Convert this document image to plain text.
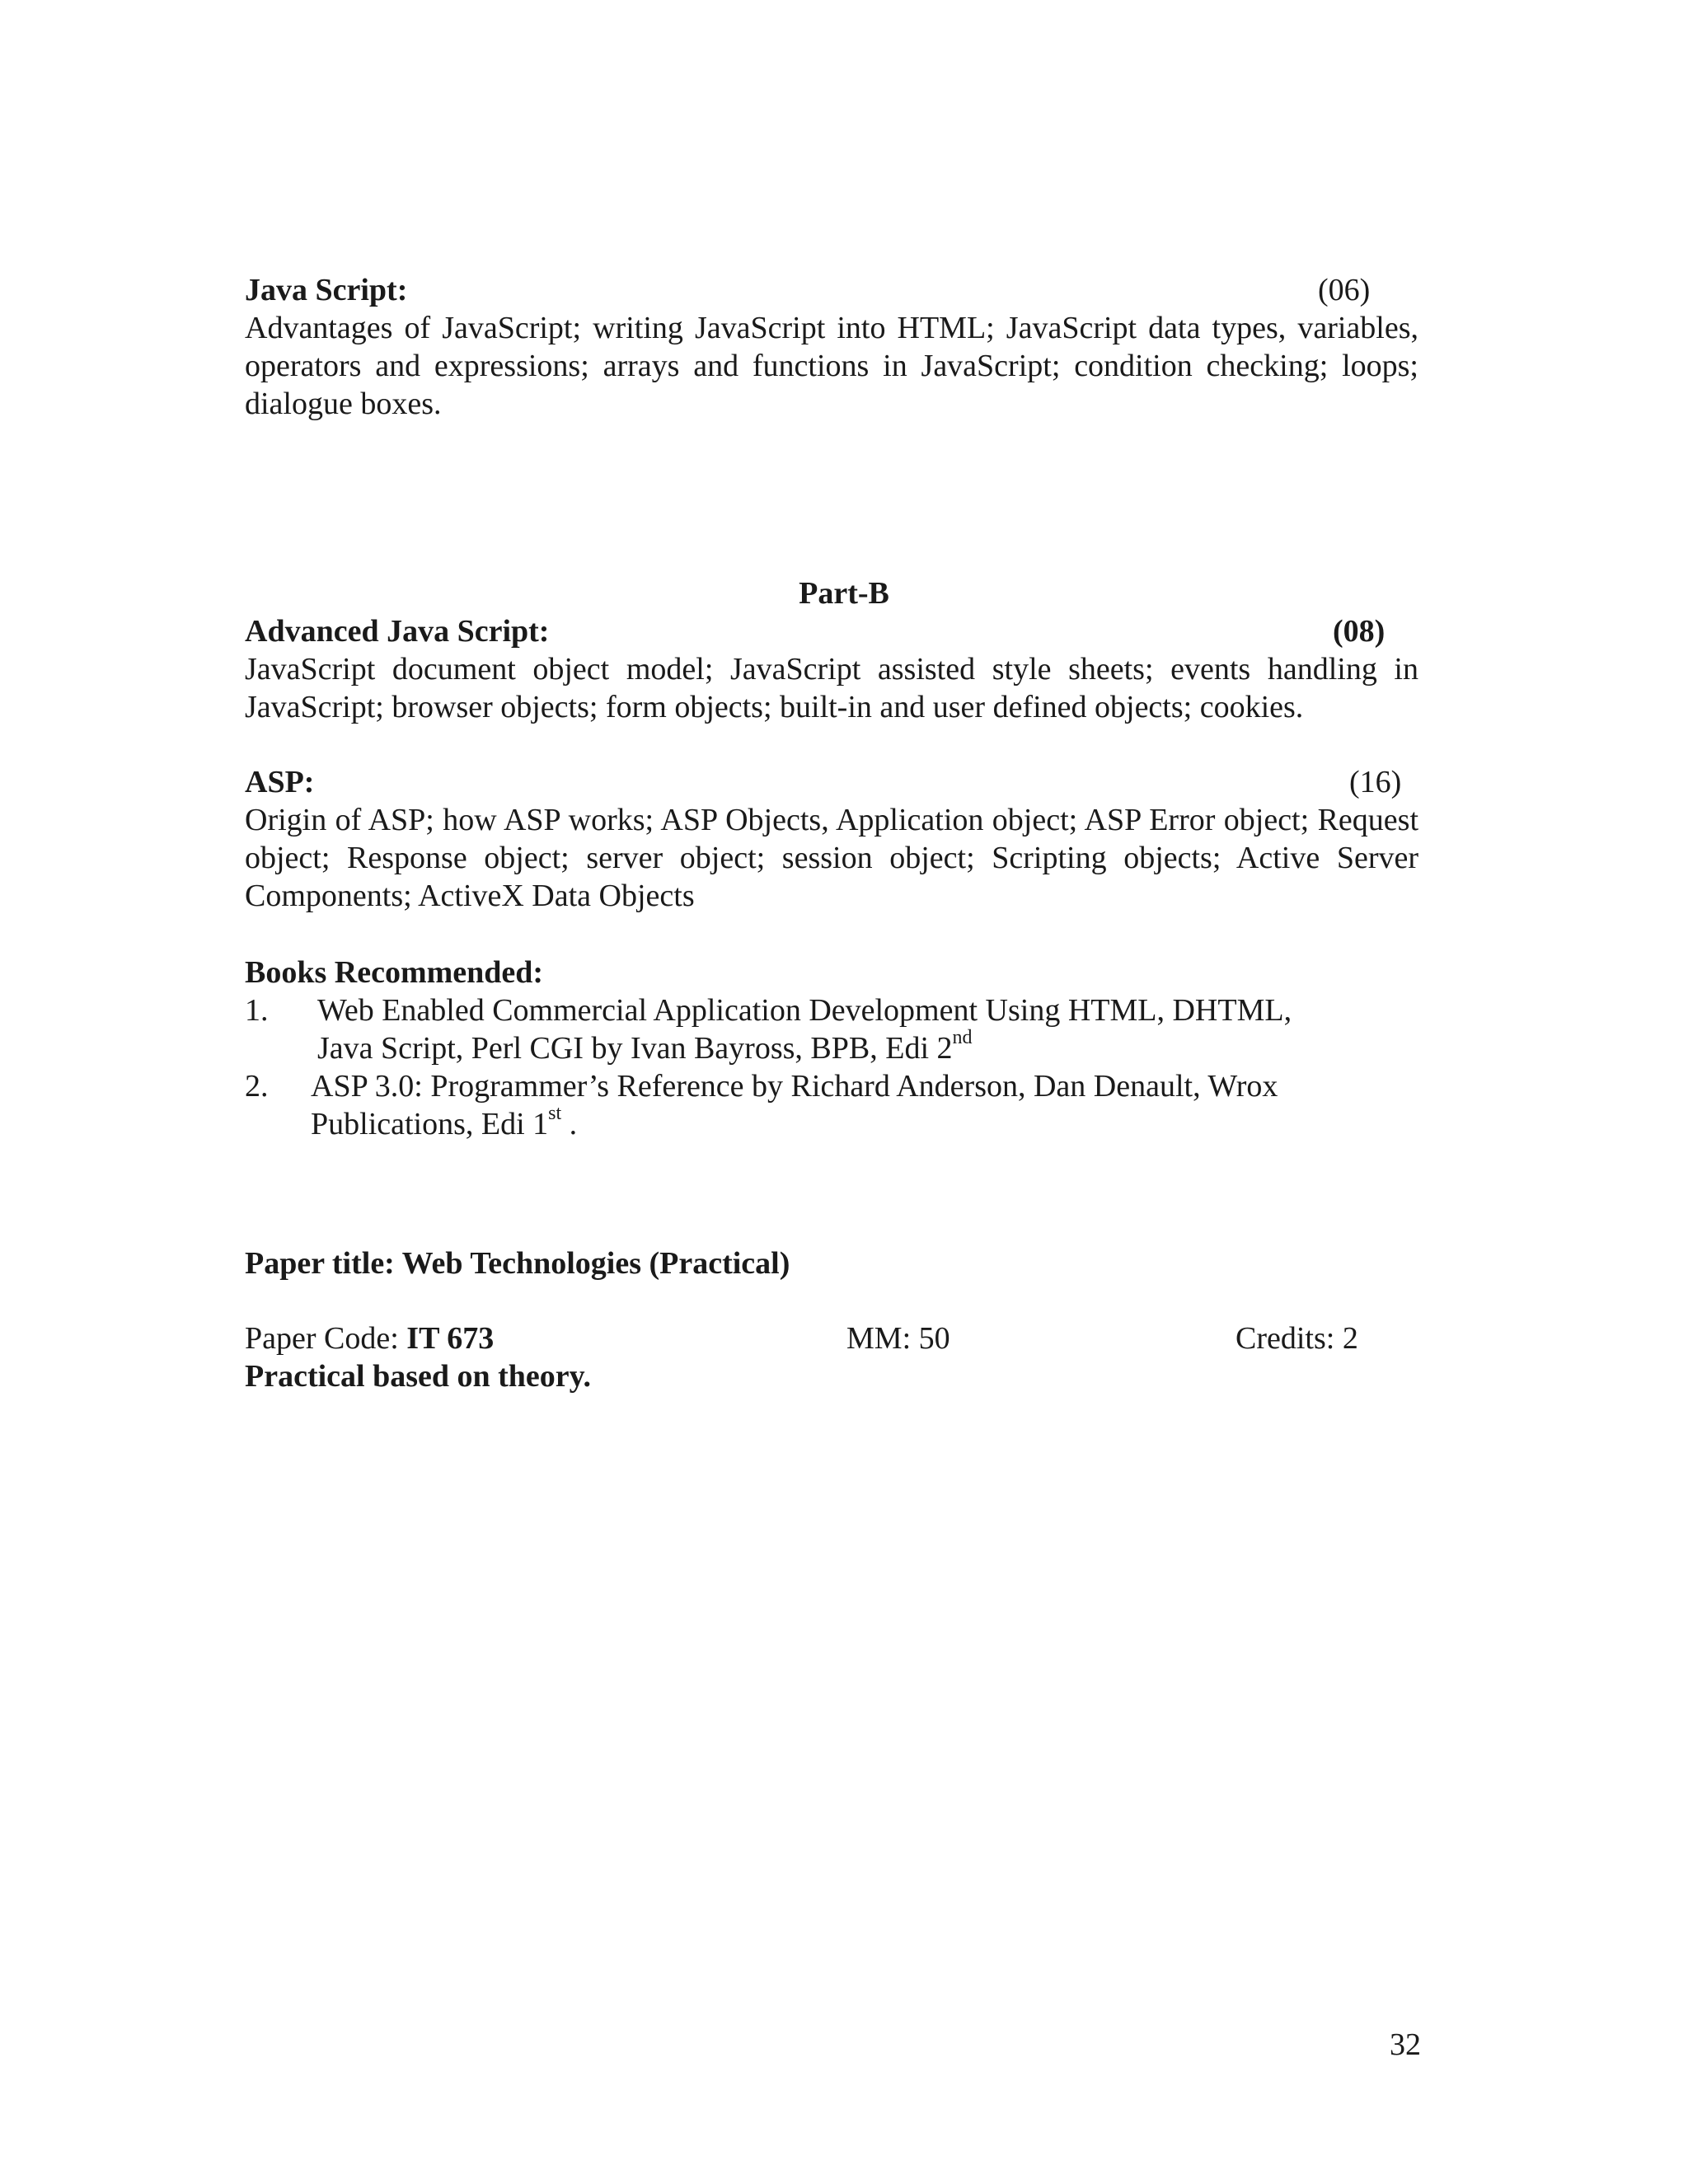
Java Script:	(06)
Advantages of JavaScript; writing JavaScript into HTML; JavaScript data types, variables, operators and expressions; arrays and functions in JavaScript; condition checking; loops; dialogue boxes.
Part-B
Advanced Java Script:	(08)
JavaScript document object model; JavaScript assisted style sheets; events handling in JavaScript; browser objects; form objects; built-in and user defined objects; cookies.
ASP:	(16)
Origin of ASP; how ASP works; ASP Objects, Application object; ASP Error object; Request object; Response object; server object; session object; Scripting objects; Active Server Components; ActiveX Data Objects
Books Recommended:
1.	Web Enabled Commercial Application Development Using HTML, DHTML,
Java Script, Perl CGI by Ivan Bayross, BPB, Edi 2nd
2.	ASP 3.0: Programmer’s Reference by Richard Anderson, Dan Denault, Wrox
Publications, Edi 1st .
Paper title: Web Technologies (Practical)
Paper Code: IT 673	MM: 50	Credits: 2
Practical based on theory.
32
